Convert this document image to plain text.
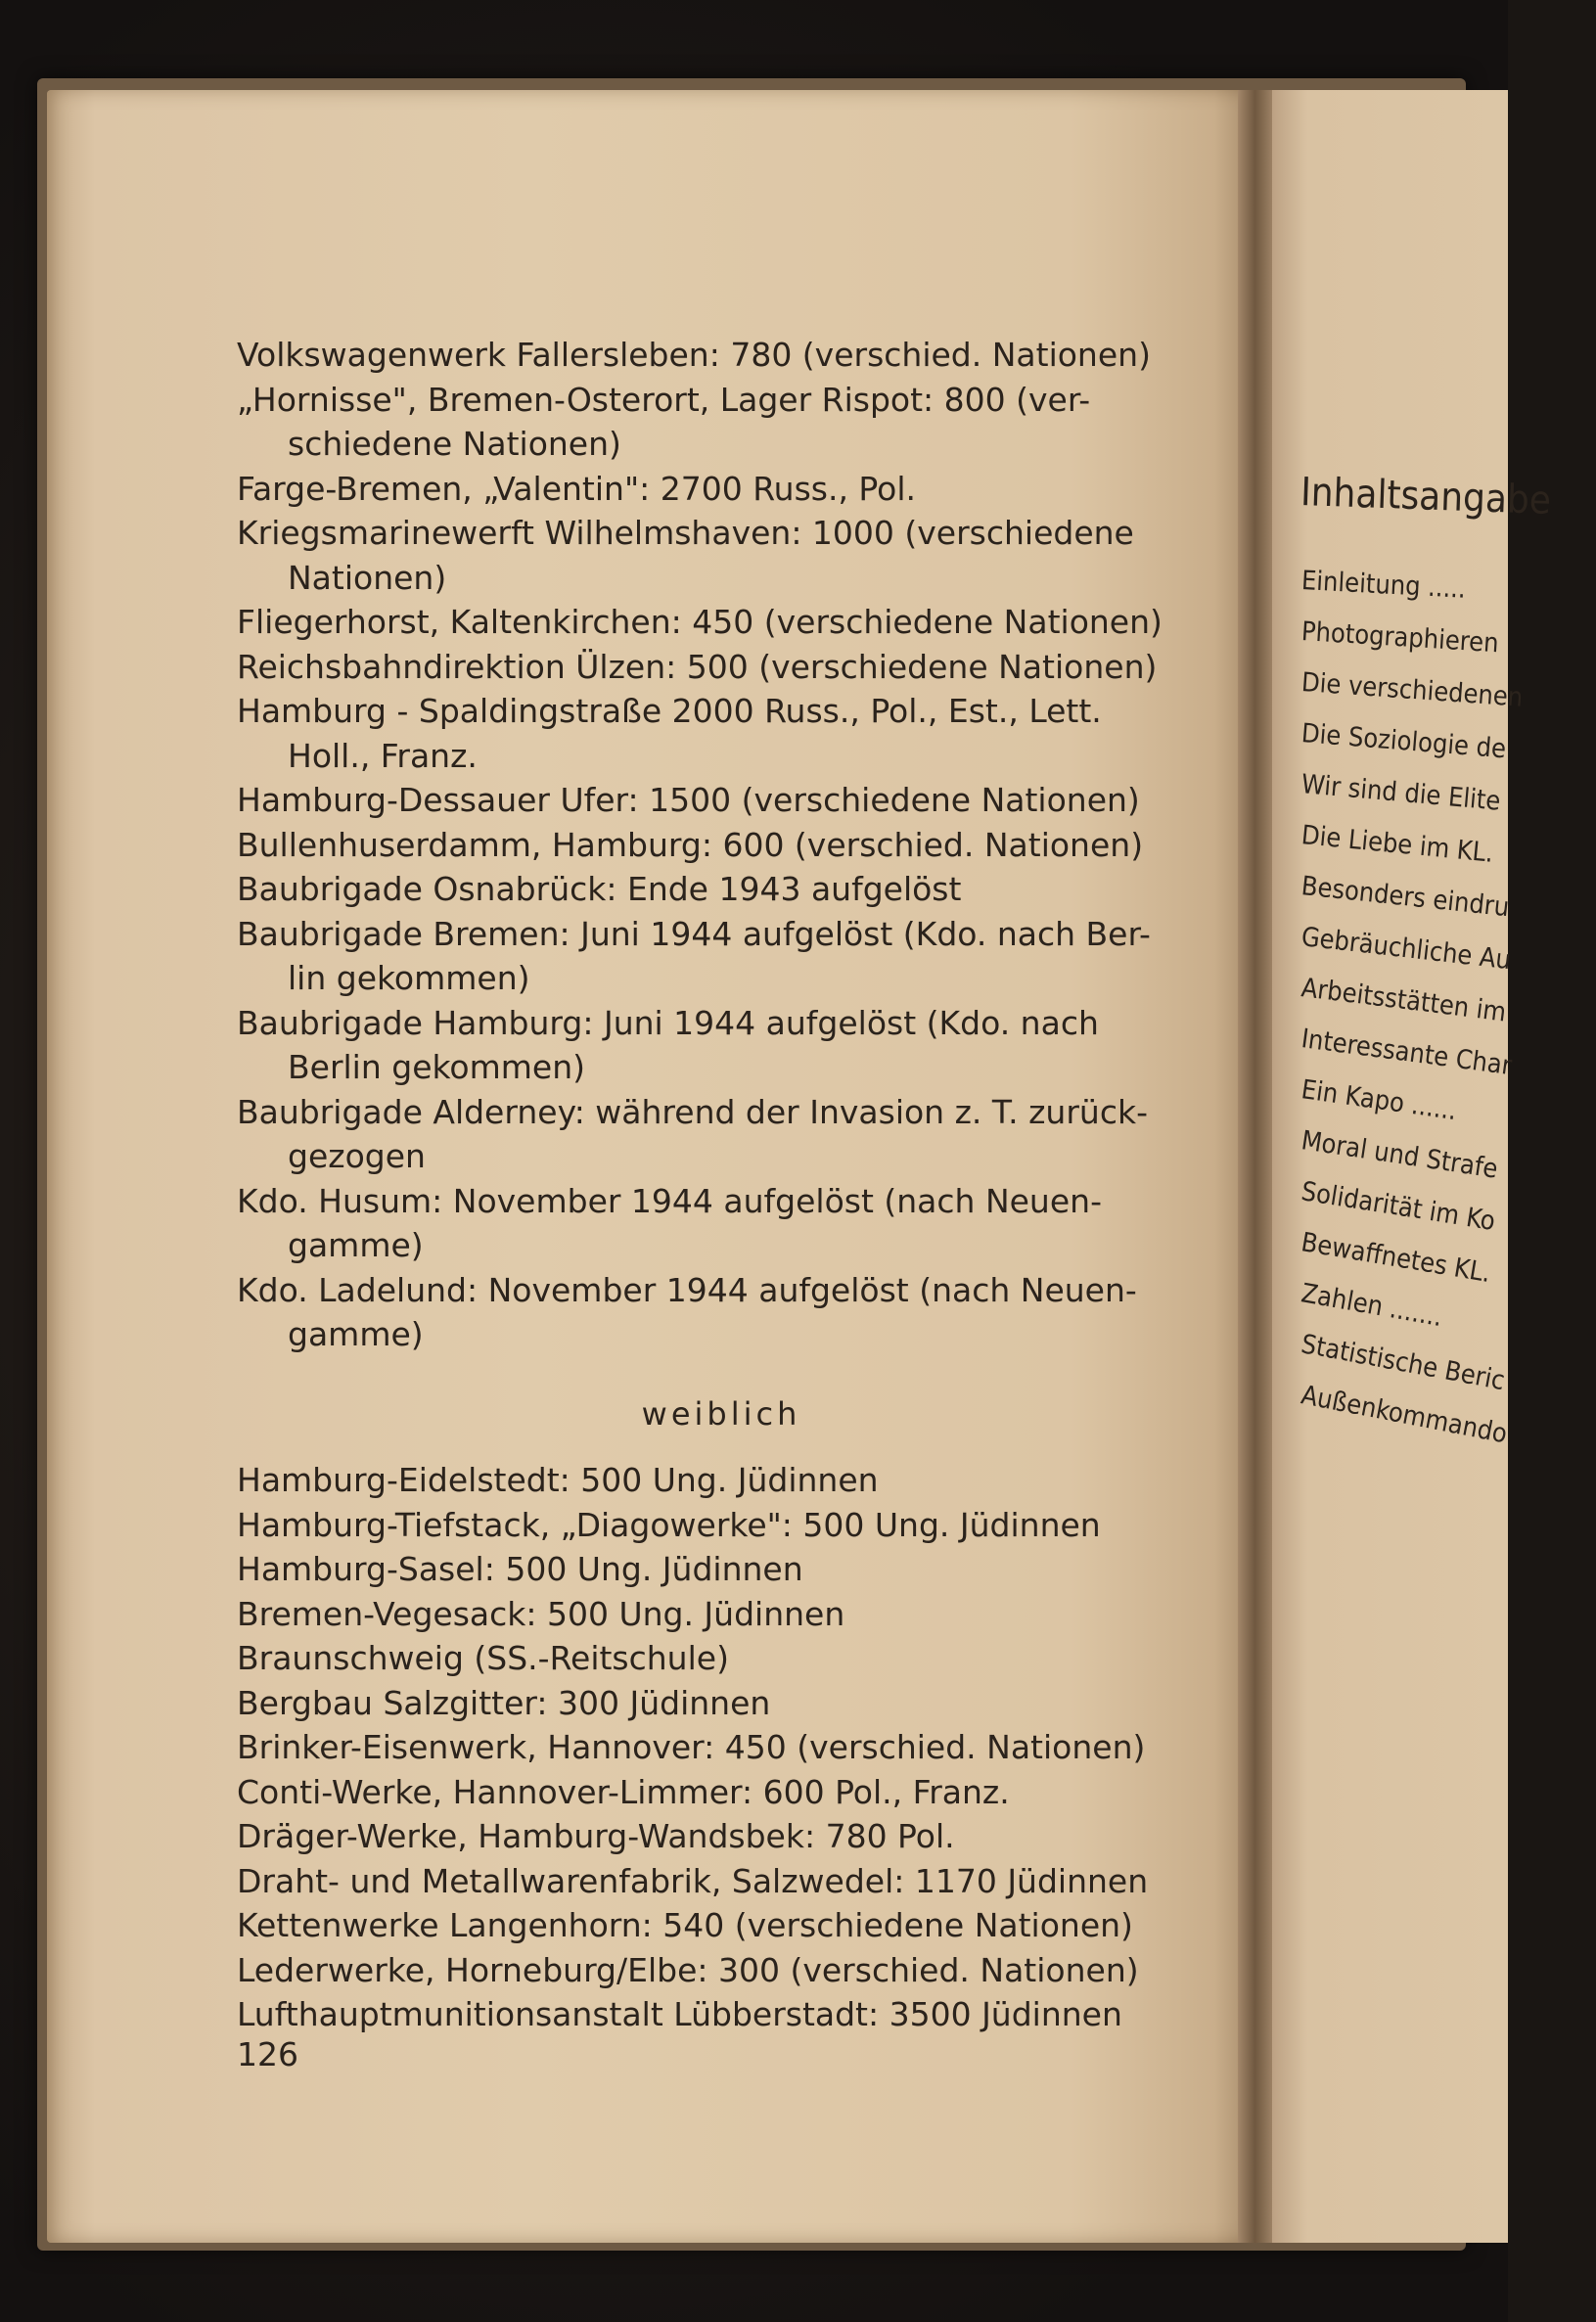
Volkswagenwerk Fallersleben: 780 (verschied. Nationen)
„Hornisse", Bremen-Osterort, Lager Rispot: 800 (ver-
schiedene Nationen)
Farge-Bremen, „Valentin": 2700 Russ., Pol.
Kriegsmarinewerft Wilhelmshaven: 1000 (verschiedene
Nationen)
Fliegerhorst, Kaltenkirchen: 450 (verschiedene Nationen)
Reichsbahndirektion Ülzen: 500 (verschiedene Nationen)
Hamburg - Spaldingstraße 2000 Russ., Pol., Est., Lett.
Holl., Franz.
Hamburg-Dessauer Ufer: 1500 (verschiedene Nationen)
Bullenhuserdamm, Hamburg: 600 (verschied. Nationen)
Baubrigade Osnabrück: Ende 1943 aufgelöst
Baubrigade Bremen: Juni 1944 aufgelöst (Kdo. nach Ber-
lin gekommen)
Baubrigade Hamburg: Juni 1944 aufgelöst (Kdo. nach
Berlin gekommen)
Baubrigade Alderney: während der Invasion z. T. zurück-
gezogen
Kdo. Husum: November 1944 aufgelöst (nach Neuen-
gamme)
Kdo. Ladelund: November 1944 aufgelöst (nach Neuen-
gamme)
weiblich
Hamburg-Eidelstedt: 500 Ung. Jüdinnen
Hamburg-Tiefstack, „Diagowerke": 500 Ung. Jüdinnen
Hamburg-Sasel: 500 Ung. Jüdinnen
Bremen-Vegesack: 500 Ung. Jüdinnen
Braunschweig (SS.-Reitschule)
Bergbau Salzgitter: 300 Jüdinnen
Brinker-Eisenwerk, Hannover: 450 (verschied. Nationen)
Conti-Werke, Hannover-Limmer: 600 Pol., Franz.
Dräger-Werke, Hamburg-Wandsbek: 780 Pol.
Draht- und Metallwarenfabrik, Salzwedel: 1170 Jüdinnen
Kettenwerke Langenhorn: 540 (verschiedene Nationen)
Lederwerke, Horneburg/Elbe: 300 (verschied. Nationen)
Lufthauptmunitionsanstalt Lübberstadt: 3500 Jüdinnen
126
Inhaltsangabe
Einleitung .....
Photographieren
Die verschiedenen
Die Soziologie de
Wir sind die Elite
Die Liebe im KL.
Besonders eindru
Gebräuchliche Au
Arbeitsstätten im
Interessante Char
Ein Kapo ......
Moral und Strafe
Solidarität im Ko
Bewaffnetes KL.
Zahlen .......
Statistische Beric
Außenkommando
